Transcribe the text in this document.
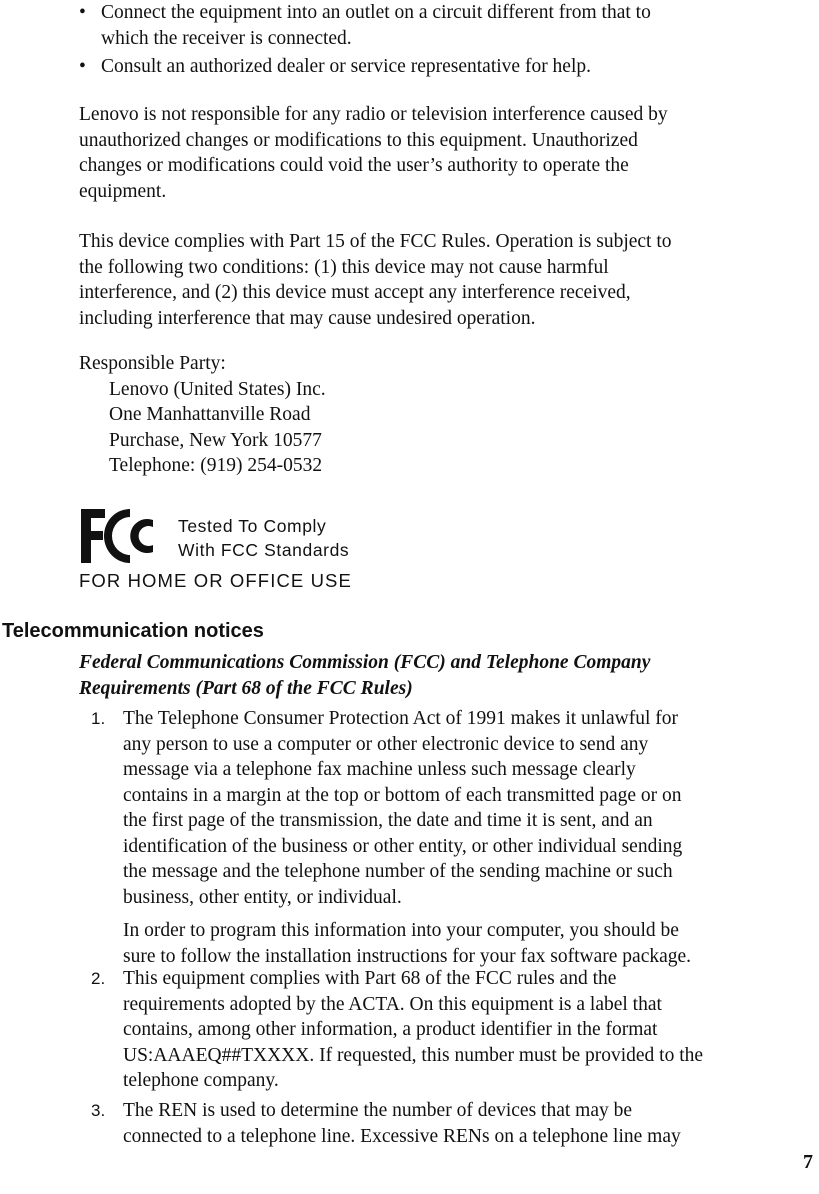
• Connect the equipment into an outlet on a circuit different from that to
which the receiver is connected.
• Consult an authorized dealer or service representative for help.
Lenovo is not responsible for any radio or television interference caused by
unauthorized changes or modifications to this equipment. Unauthorized
changes or modifications could void the user’s authority to operate the
equipment.
This device complies with Part 15 of the FCC Rules. Operation is subject to
the following two conditions: (1) this device may not cause harmful
interference, and (2) this device must accept any interference received,
including interference that may cause undesired operation.
Responsible Party:
Lenovo (United States) Inc.
One Manhattanville Road
Purchase, New York 10577
Telephone: (919) 254-0532
Tested To Comply
With FCC Standards
FOR HOME OR OFFICE USE
Telecommunication notices
Federal Communications Commission (FCC) and Telephone Company
Requirements (Part 68 of the FCC Rules)
1. The Telephone Consumer Protection Act of 1991 makes it unlawful for
any person to use a computer or other electronic device to send any
message via a telephone fax machine unless such message clearly
contains in a margin at the top or bottom of each transmitted page or on
the first page of the transmission, the date and time it is sent, and an
identification of the business or other entity, or other individual sending
the message and the telephone number of the sending machine or such
business, other entity, or individual.
In order to program this information into your computer, you should be
sure to follow the installation instructions for your fax software package.
2. This equipment complies with Part 68 of the FCC rules and the
requirements adopted by the ACTA. On this equipment is a label that
contains, among other information, a product identifier in the format
US:AAAEQ##TXXXX. If requested, this number must be provided to the
telephone company.
3. The REN is used to determine the number of devices that may be
connected to a telephone line. Excessive RENs on a telephone line may
7
